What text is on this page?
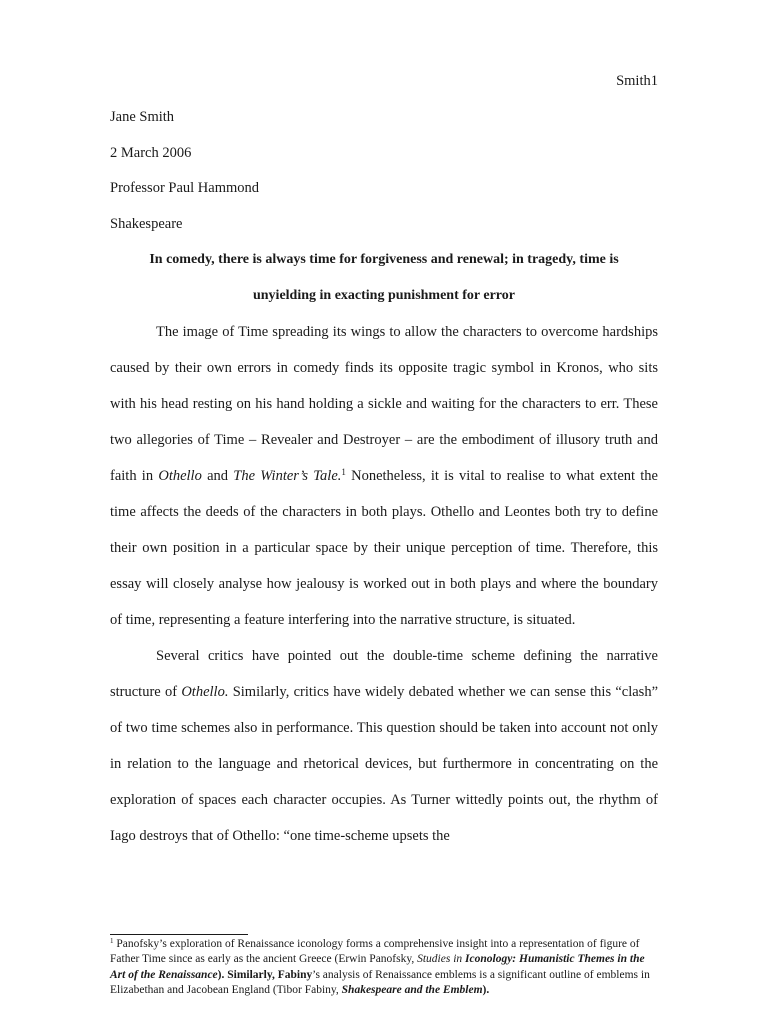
Smith1
Jane Smith
2 March 2006
Professor Paul Hammond
Shakespeare
In comedy, there is always time for forgiveness and renewal; in tragedy, time is
unyielding in exacting punishment for error

The image of Time spreading its wings to allow the characters to overcome hardships caused by their own errors in comedy finds its opposite tragic symbol in Kronos, who sits with his head resting on his hand holding a sickle and waiting for the characters to err. These two allegories of Time – Revealer and Destroyer – are the embodiment of illusory truth and faith in Othello and The Winter’s Tale.$^1$ Nonetheless, it is vital to realise to what extent the time affects the deeds of the characters in both plays. Othello and Leontes both try to define their own position in a particular space by their unique perception of time. Therefore, this essay will closely analyse how jealousy is worked out in both plays and where the boundary of time, representing a feature interfering into the narrative structure, is situated.

Several critics have pointed out the double-time scheme defining the narrative structure of Othello. Similarly, critics have widely debated whether we can sense this “clash” of two time schemes also in performance. This question should be taken into account not only in relation to the language and rhetorical devices, but furthermore in concentrating on the exploration of spaces each character occupies. As Turner wittedly points out, the rhythm of Iago destroys that of Othello: “one time-scheme upsets the

$^1$ Panofsky’s exploration of Renaissance iconology forms a comprehensive insight into a representation of figure of Father Time since as early as the ancient Greece (Erwin Panofsky, Studies in Iconology: Humanistic Themes in the Art of the Renaissance). Similarly, Fabiny’s analysis of Renaissance emblems is a significant outline of emblems in Elizabethan and Jacobean England (Tibor Fabiny, Shakespeare and the Emblem).
